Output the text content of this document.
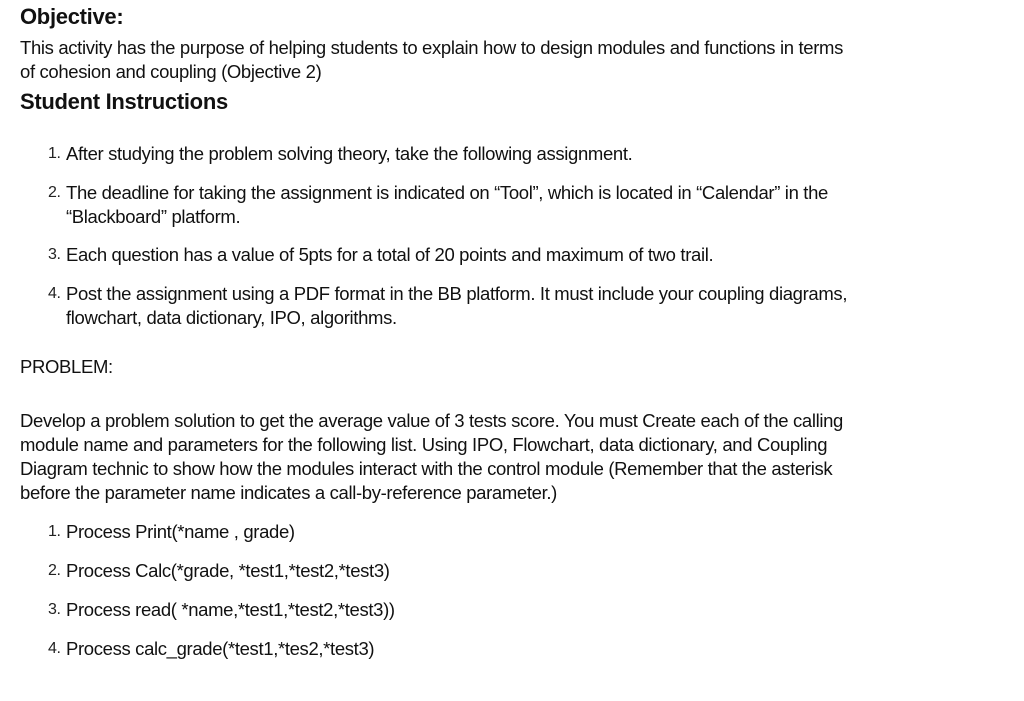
Objective:

This activity has the purpose of helping students to explain how to design modules and functions in terms of cohesion and coupling (Objective 2)

Student Instructions
1. After studying the problem solving theory, take the following assignment.
2. The deadline for taking the assignment is indicated on “Tool”, which is located in “Calendar” in the “Blackboard” platform.
3. Each question has a value of 5pts for a total of 20 points and maximum of two trail.
4. Post the assignment using a PDF format in the BB platform. It must include your coupling diagrams, flowchart, data dictionary, IPO, algorithms.

PROBLEM:

Develop a problem solution to get the average value of 3 tests score. You must Create each of the calling module name and parameters for the following list. Using IPO, Flowchart, data dictionary, and Coupling Diagram technic to show how the modules interact with the control module (Remember that the asterisk before the parameter name indicates a call-by-reference parameter.)

1. Process Print(*name , grade)
2. Process Calc(*grade, *test1,*test2,*test3)
3. Process read( *name,*test1,*test2,*test3))
4. Process calc_grade(*test1,*tes2,*test3)
